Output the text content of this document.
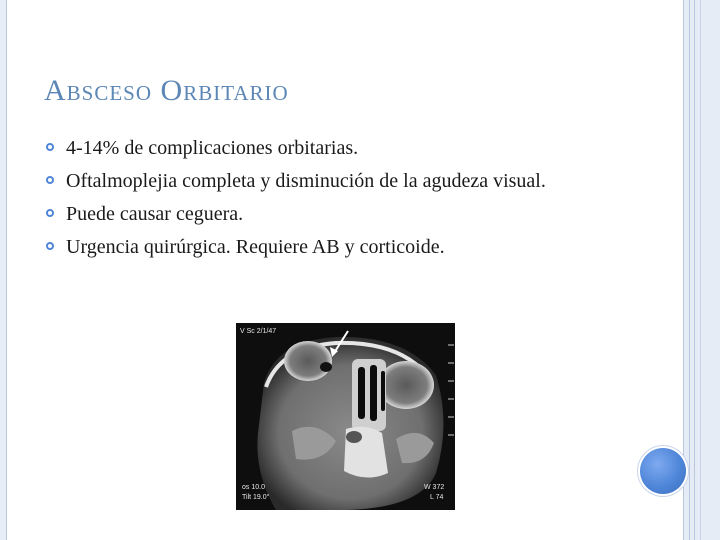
Absceso Orbitario
4-14% de complicaciones orbitarias.
Oftalmoplejia completa y disminución de la agudeza visual.
Puede causar ceguera.
Urgencia quirúrgica. Requiere AB y corticoide.
V Sc 2/1/47
os 10.0
Tilt 19.0°
W 372
L 74
